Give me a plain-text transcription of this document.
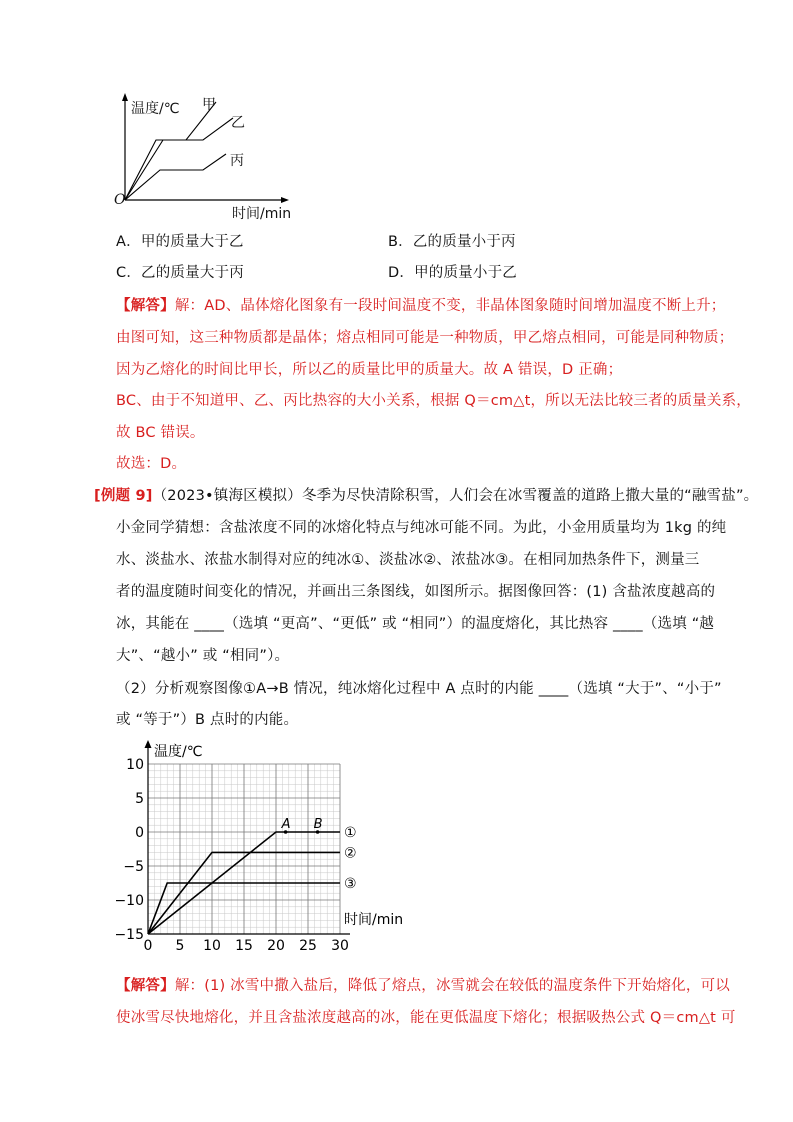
温度/℃ 甲
乙
丙
O
时间/min
A．甲的质量大于乙	B．乙的质量小于丙
C．乙的质量大于丙	D．甲的质量小于乙
【解答】解：AD、晶体熔化图象有一段时间温度不变，非晶体图象随时间增加温度不断上升；
由图可知，这三种物质都是晶体；熔点相同可能是一种物质，甲乙熔点相同，可能是同种物质；
因为乙熔化的时间比甲长，所以乙的质量比甲的质量大。故 A 错误，D 正确；
BC、由于不知道甲、乙、丙比热容的大小关系，根据 Q＝cm△t，所以无法比较三者的质量关系，
故 BC 错误。
故选：D。
[例题 9]（2023•镇海区模拟）冬季为尽快清除积雪，人们会在冰雪覆盖的道路上撒大量的“融雪盐”。
小金同学猜想：含盐浓度不同的冰熔化特点与纯冰可能不同。为此，小金用质量均为 1kg 的纯
水、淡盐水、浓盐水制得对应的纯冰①、淡盐冰②、浓盐冰③。在相同加热条件下，测量三
者的温度随时间变化的情况，并画出三条图线，如图所示。据图像回答：(1) 含盐浓度越高的
冰，其能在 ____（选填 “更高”、“更低” 或 “相同”）的温度熔化，其比热容 ____（选填 “越
大”、“越小” 或 “相同”）。
（2）分析观察图像①A→B 情况，纯冰熔化过程中 A 点时的内能 ____（选填 “大于”、“小于”
或 “等于”）B 点时的内能。
0 5 10 15 20 25 30
10
5
0
−5
−10
−15
①
②
③
A B
温度/℃
时间/min
【解答】解：(1) 冰雪中撒入盐后，降低了熔点，冰雪就会在较低的温度条件下开始熔化，可以
使冰雪尽快地熔化，并且含盐浓度越高的冰，能在更低温度下熔化；根据吸热公式 Q＝cm△t 可
